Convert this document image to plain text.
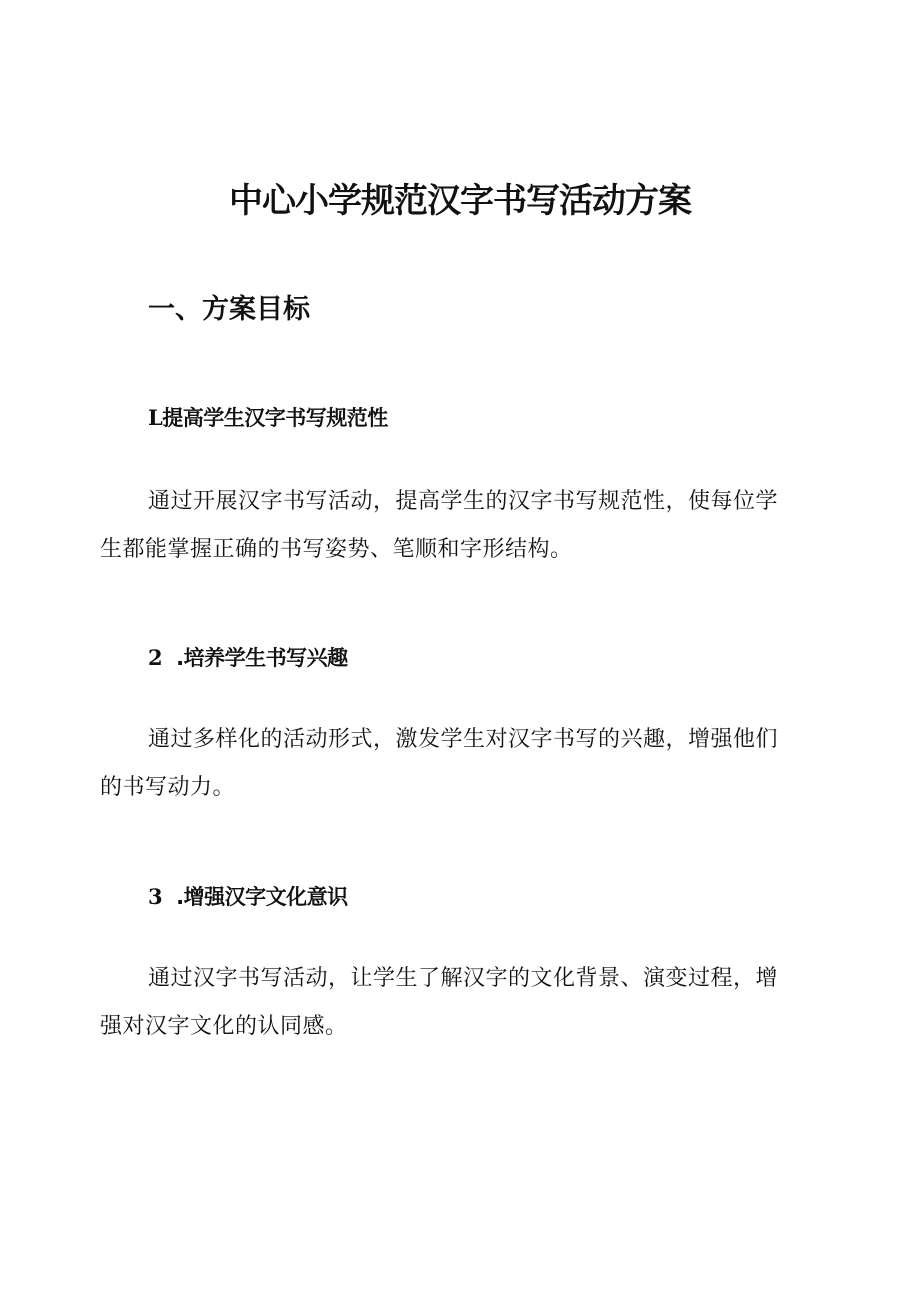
中心小学规范汉字书写活动方案
一、方案目标
L提高学生汉字书写规范性

通过开展汉字书写活动，提高学生的汉字书写规范性，使每位学生都能掌握正确的书写姿势、笔顺和字形结构。

2 .培养学生书写兴趣

通过多样化的活动形式，激发学生对汉字书写的兴趣，增强他们的书写动力。

3 .增强汉字文化意识

通过汉字书写活动，让学生了解汉字的文化背景、演变过程，增强对汉字文化的认同感。
